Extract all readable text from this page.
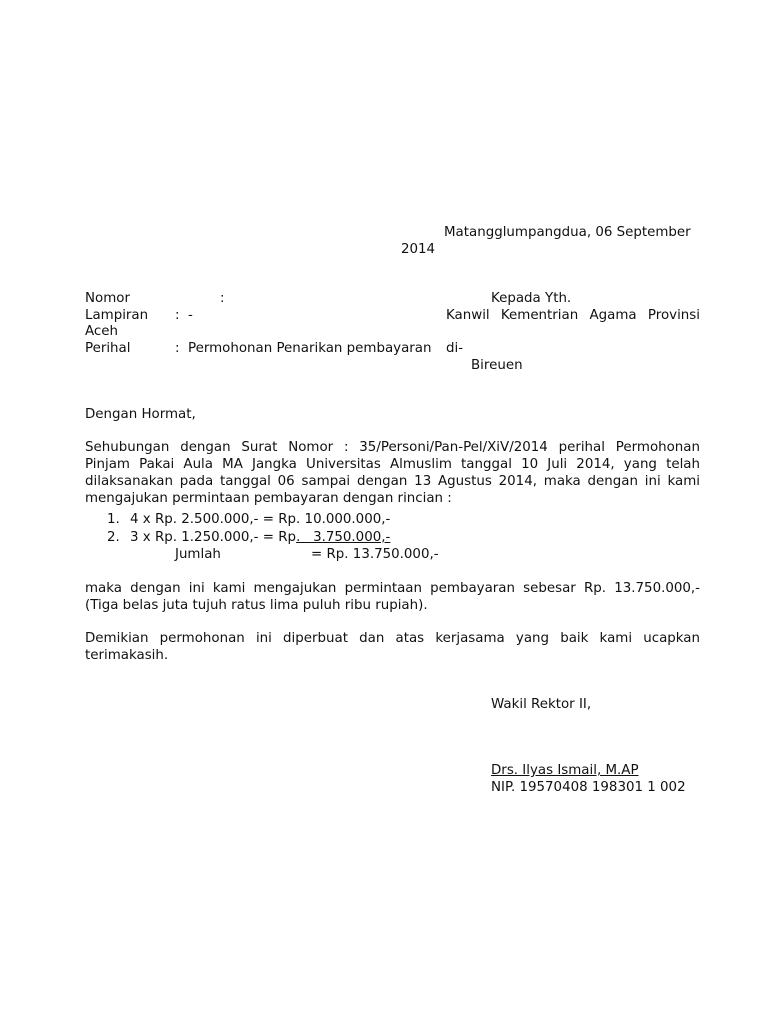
Matangglumpangdua, 06 September
2014
Nomor	:	Kepada Yth.
Lampiran : -	Kanwil Kementrian Agama Provinsi
Aceh
Perihal	: Permohonan Penarikan pembayaran di-
Bireuen
Dengan Hormat,
Sehubungan dengan Surat Nomor : 35/Personi/Pan-Pel/XiV/2014 perihal Permohonan
Pinjam Pakai Aula MA Jangka Universitas Almuslim tanggal 10 Juli 2014, yang telah
dilaksanakan pada tanggal 06 sampai dengan 13 Agustus 2014, maka dengan ini kami
mengajukan permintaan pembayaran dengan rincian :
1. 4 x Rp. 2.500.000,- = Rp. 10.000.000,-
2. 3 x Rp. 1.250.000,- = Rp.   3.750.000,-
Jumlah	= Rp. 13.750.000,-
maka dengan ini kami mengajukan permintaan pembayaran sebesar Rp. 13.750.000,-
(Tiga belas juta tujuh ratus lima puluh ribu rupiah).
Demikian permohonan ini diperbuat dan atas kerjasama yang baik kami ucapkan
terimakasih.
Wakil Rektor II,
Drs. Ilyas Ismail, M.AP
NIP. 19570408 198301 1 002
